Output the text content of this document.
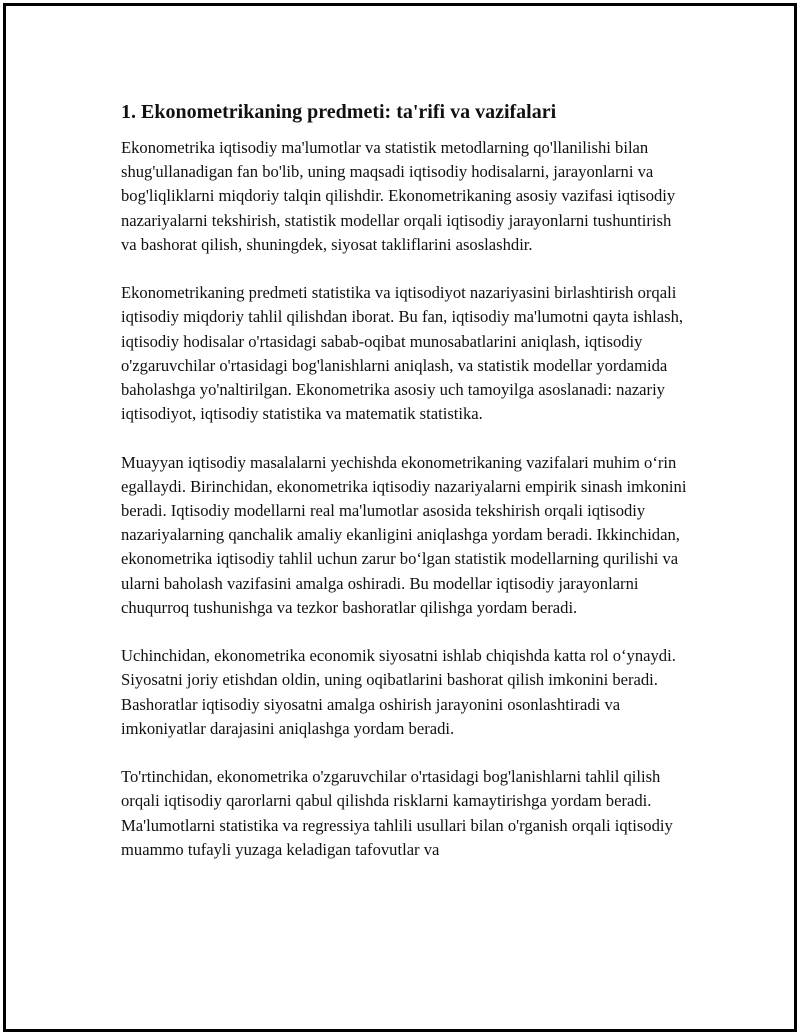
1. Ekonometrikaning predmeti: ta'rifi va vazifalari

Ekonometrika iqtisodiy ma'lumotlar va statistik metodlarning qo'llanilishi bilan shug'ullanadigan fan bo'lib, uning maqsadi iqtisodiy hodisalarni, jarayonlarni va bog'liqliklarni miqdoriy talqin qilishdir. Ekonometrikaning asosiy vazifasi iqtisodiy nazariyalarni tekshirish, statistik modellar orqali iqtisodiy jarayonlarni tushuntirish va bashorat qilish, shuningdek, siyosat takliflarini asoslashdir.

Ekonometrikaning predmeti statistika va iqtisodiyot nazariyasini birlashtirish orqali iqtisodiy miqdoriy tahlil qilishdan iborat. Bu fan, iqtisodiy ma'lumotni qayta ishlash, iqtisodiy hodisalar o'rtasidagi sabab-oqibat munosabatlarini aniqlash, iqtisodiy o'zgaruvchilar o'rtasidagi bog'lanishlarni aniqlash, va statistik modellar yordamida baholashga yo'naltirilgan. Ekonometrika asosiy uch tamoyilga asoslanadi: nazariy iqtisodiyot, iqtisodiy statistika va matematik statistika.

Muayyan iqtisodiy masalalarni yechishda ekonometrikaning vazifalari muhim o‘rin egallaydi. Birinchidan, ekonometrika iqtisodiy nazariyalarni empirik sinash imkonini beradi. Iqtisodiy modellarni real ma'lumotlar asosida tekshirish orqali iqtisodiy nazariyalarning qanchalik amaliy ekanligini aniqlashga yordam beradi. Ikkinchidan, ekonometrika iqtisodiy tahlil uchun zarur bo‘lgan statistik modellarning qurilishi va ularni baholash vazifasini amalga oshiradi. Bu modellar iqtisodiy jarayonlarni chuqurroq tushunishga va tezkor bashoratlar qilishga yordam beradi.

Uchinchidan, ekonometrika economik siyosatni ishlab chiqishda katta rol o‘ynaydi. Siyosatni joriy etishdan oldin, uning oqibatlarini bashorat qilish imkonini beradi. Bashoratlar iqtisodiy siyosatni amalga oshirish jarayonini osonlashtiradi va imkoniyatlar darajasini aniqlashga yordam beradi.

To'rtinchidan, ekonometrika o'zgaruvchilar o'rtasidagi bog'lanishlarni tahlil qilish orqali iqtisodiy qarorlarni qabul qilishda risklarni kamaytirishga yordam beradi. Ma'lumotlarni statistika va regressiya tahlili usullari bilan o'rganish orqali iqtisodiy muammo tufayli yuzaga keladigan tafovutlar va
